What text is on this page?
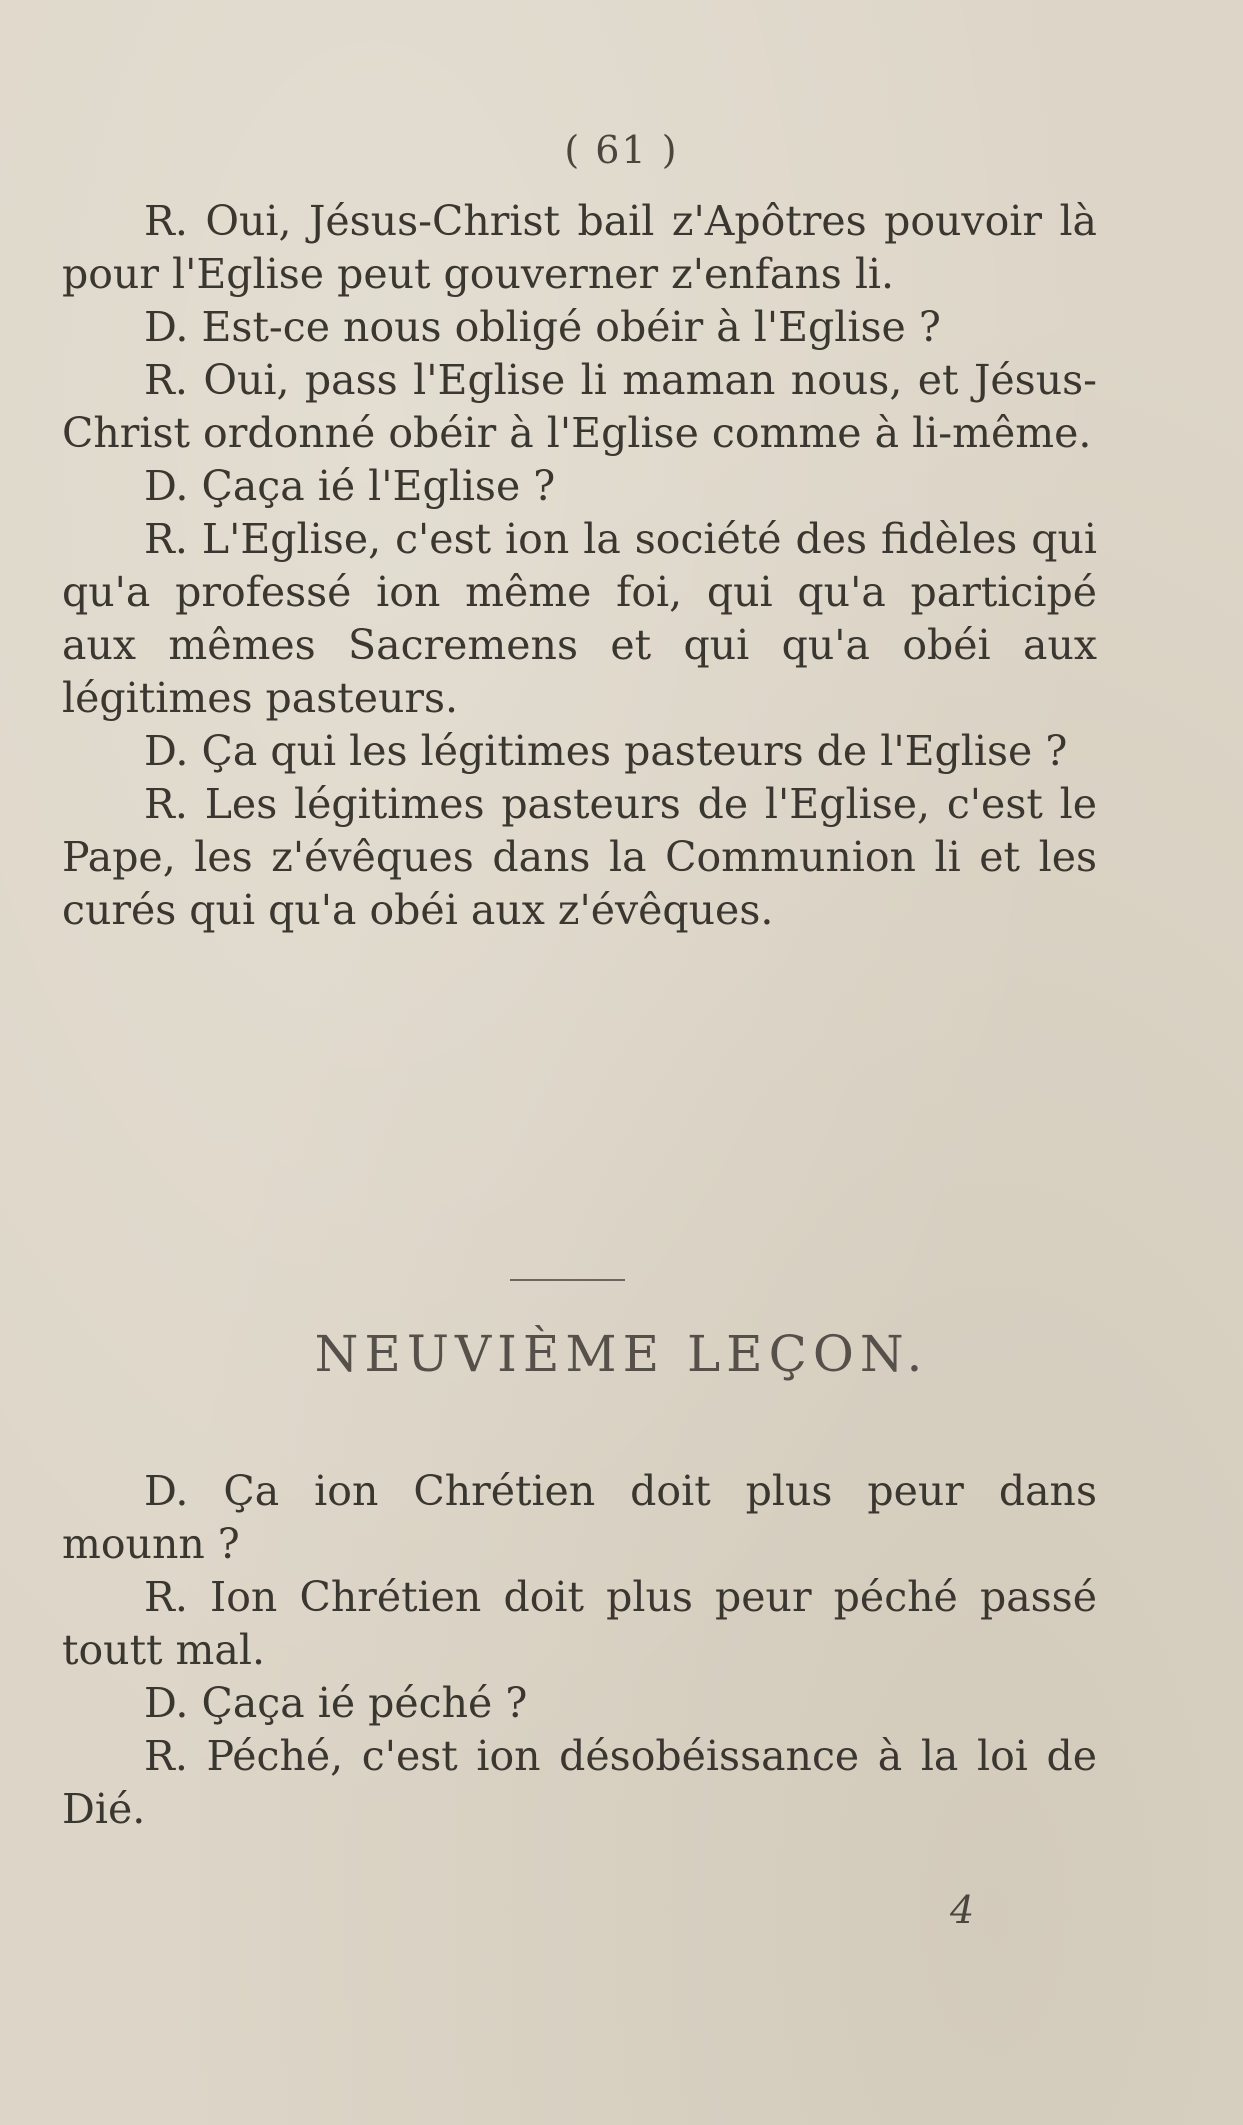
( 61 )

R. Oui, Jésus-Christ bail z'Apôtres pouvoir là pour l'Eglise peut gouverner z'enfans li.

D. Est-ce nous obligé obéir à l'Eglise ?

R. Oui, pass l'Eglise li maman nous, et Jésus-Christ ordonné obéir à l'Eglise comme à li-même.

D. Çaça ié l'Eglise ?

R. L'Eglise, c'est ion la société des fidèles qui qu'a professé ion même foi, qui qu'a participé aux mêmes Sacremens et qui qu'a obéi aux légitimes pasteurs.

D. Ça qui les légitimes pasteurs de l'Eglise ?

R. Les légitimes pasteurs de l'Eglise, c'est le Pape, les z'évêques dans la Communion li et les curés qui qu'a obéi aux z'évêques.

NEUVIÈME LEÇON.

D. Ça ion Chrétien doit plus peur dans mounn ?

R. Ion Chrétien doit plus peur péché passé toutt mal.

D. Çaça ié péché ?

R. Péché, c'est ion désobéissance à la loi de Dié.

4
